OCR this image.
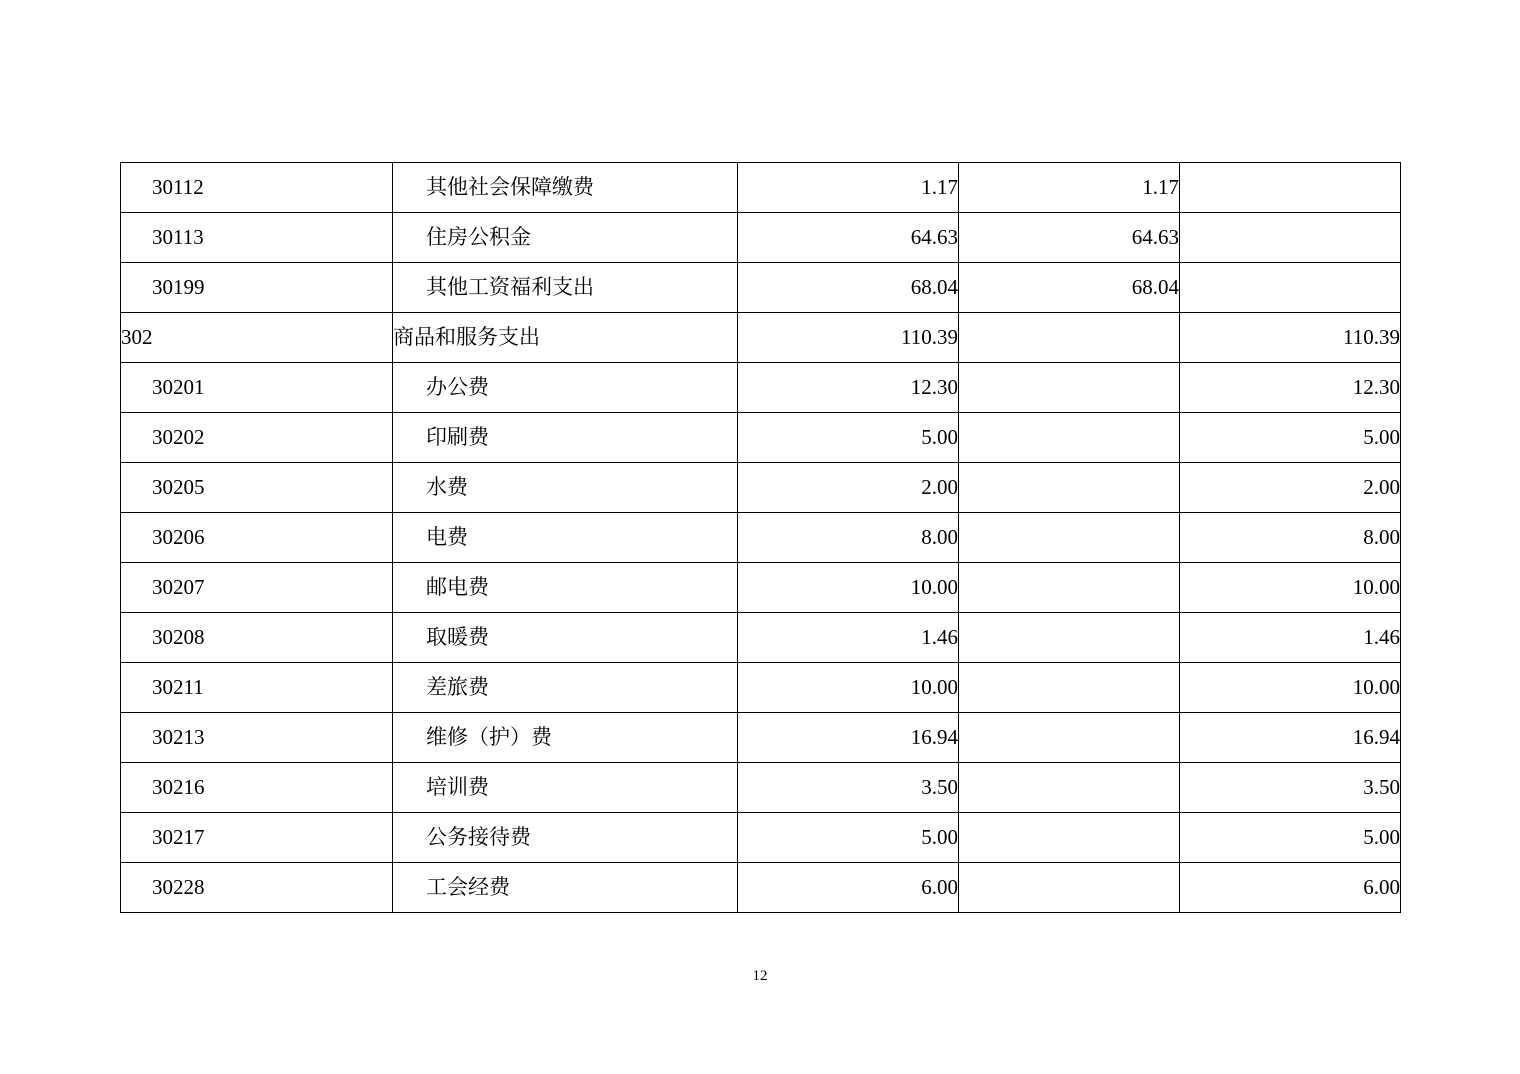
30112	其他社会保障缴费	1.17	1.17	
30113	住房公积金	64.63	64.63	
30199	其他工资福利支出	68.04	68.04	
302	商品和服务支出	110.39		110.39
30201	办公费	12.30		12.30
30202	印刷费	5.00		5.00
30205	水费	2.00		2.00
30206	电费	8.00		8.00
30207	邮电费	10.00		10.00
30208	取暖费	1.46		1.46
30211	差旅费	10.00		10.00
30213	维修（护）费	16.94		16.94
30216	培训费	3.50		3.50
30217	公务接待费	5.00		5.00
30228	工会经费	6.00		6.00
12
